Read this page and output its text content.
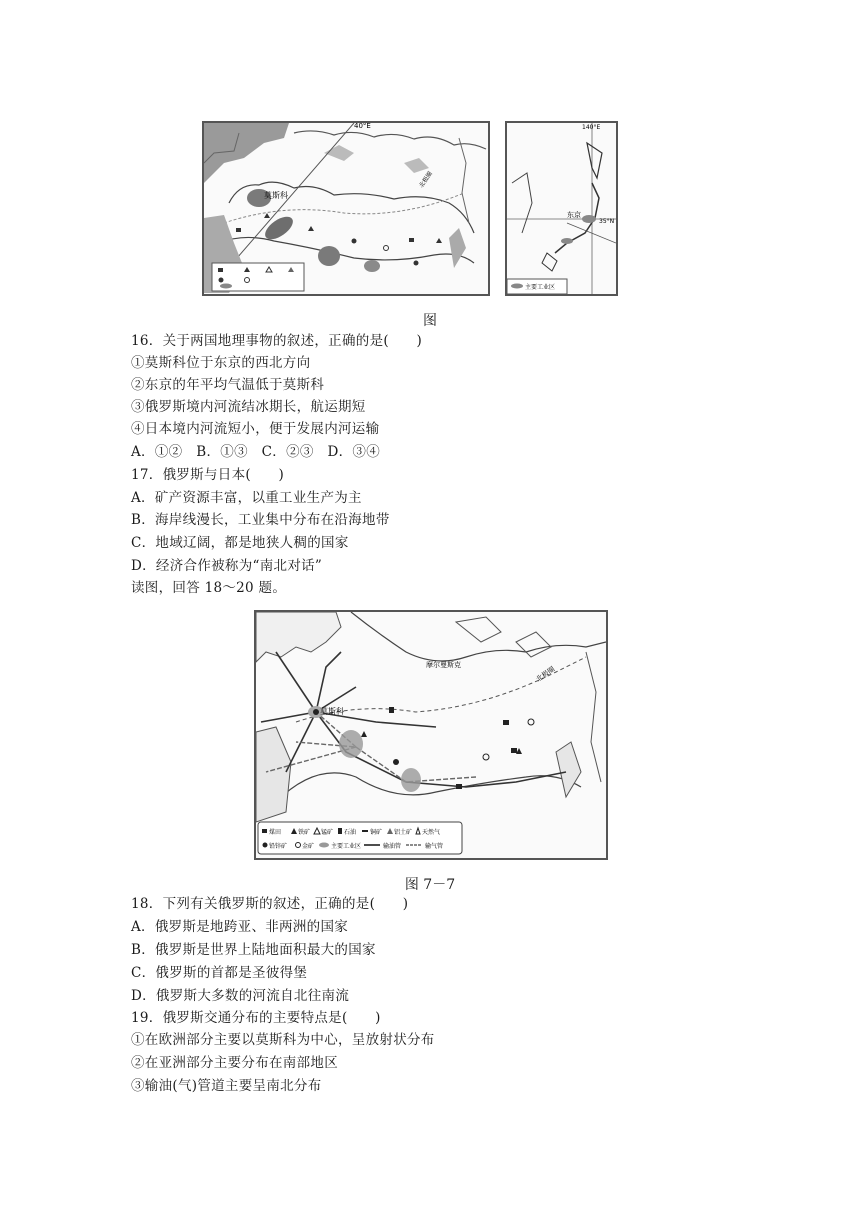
40°E
莫斯科
北极圈
140°E
35°N
东京
主要工业区
图
16．关于两国地理事物的叙述，正确的是(　　)
①莫斯科位于东京的西北方向
②东京的年平均气温低于莫斯科
③俄罗斯境内河流结冰期长，航运期短
④日本境内河流短小，便于发展内河运输
A．①②　B．①③　C．②③　D．③④
17．俄罗斯与日本(　　)
A．矿产资源丰富，以重工业生产为主
B．海岸线漫长，工业集中分布在沿海地带
C．地域辽阔，都是地狭人稠的国家
D．经济合作被称为“南北对话”
读图，回答 18～20 题。
摩尔曼斯克
莫斯科
北极圈
煤田	铁矿 锰矿 石油 铜矿 铝土矿 天然气
铅锌矿 金矿	主要工业区	输油管	输气管
图 7－7
18．下列有关俄罗斯的叙述，正确的是(　　)
A．俄罗斯是地跨亚、非两洲的国家
B．俄罗斯是世界上陆地面积最大的国家
C．俄罗斯的首都是圣彼得堡
D．俄罗斯大多数的河流自北往南流
19．俄罗斯交通分布的主要特点是(　　)
①在欧洲部分主要以莫斯科为中心，呈放射状分布
②在亚洲部分主要分布在南部地区
③输油(气)管道主要呈南北分布
